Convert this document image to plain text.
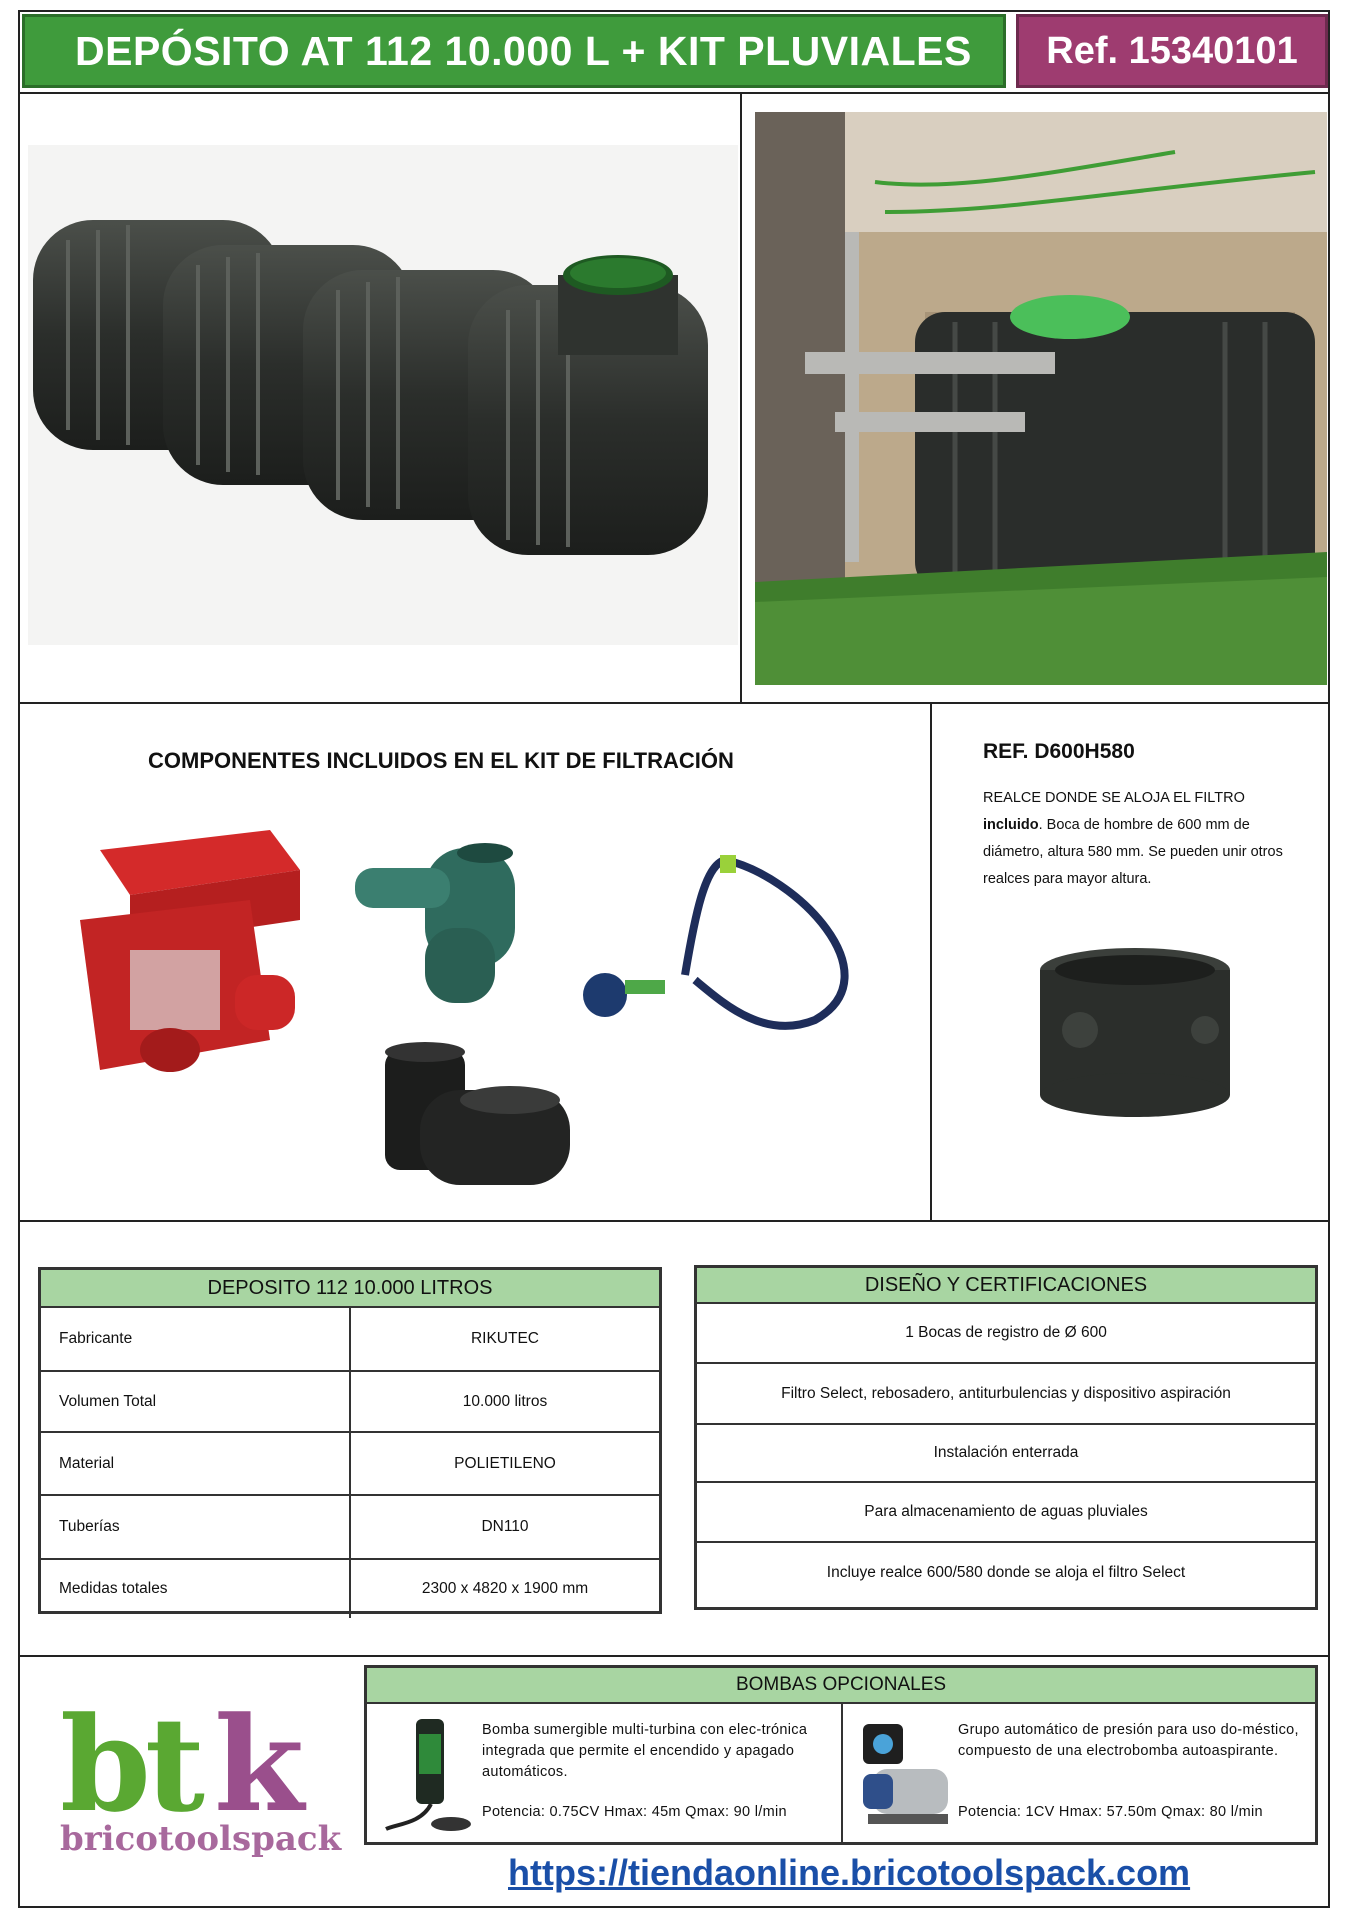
DEPÓSITO AT 112 10.000 L + KIT PLUVIALES	Ref. 15340101
COMPONENTES INCLUIDOS EN EL KIT DE FILTRACIÓN	REF. D600H580
REALCE DONDE SE ALOJA EL FILTRO
incluido. Boca de hombre de 600 mm de diámetro, altura 580 mm. Se pueden unir otros realces para mayor altura.
DEPOSITO 112 10.000 LITROS
Fabricante	RIKUTEC
Volumen Total	10.000 litros
Material	POLIETILENO
Tuberías	DN110
Medidas totales	2300 x 4820 x 1900 mm
DISEÑO Y CERTIFICACIONES
1 Bocas de registro de Ø 600
Filtro Select, rebosadero, antiturbulencias y dispositivo aspiración
Instalación enterrada
Para almacenamiento de aguas pluviales
Incluye realce 600/580 donde se aloja el filtro Select
bt k
bricotoolspack
BOMBAS OPCIONALES
Bomba sumergible multi-turbina con elec-trónica integrada que permite el encendido y apagado automáticos.
Potencia: 0.75CV Hmax: 45m Qmax: 90 l/min
Grupo automático de presión para uso do-méstico, compuesto de una electrobomba autoaspirante.
Potencia: 1CV Hmax: 57.50m Qmax: 80 l/min
https://tiendaonline.bricotoolspack.com
